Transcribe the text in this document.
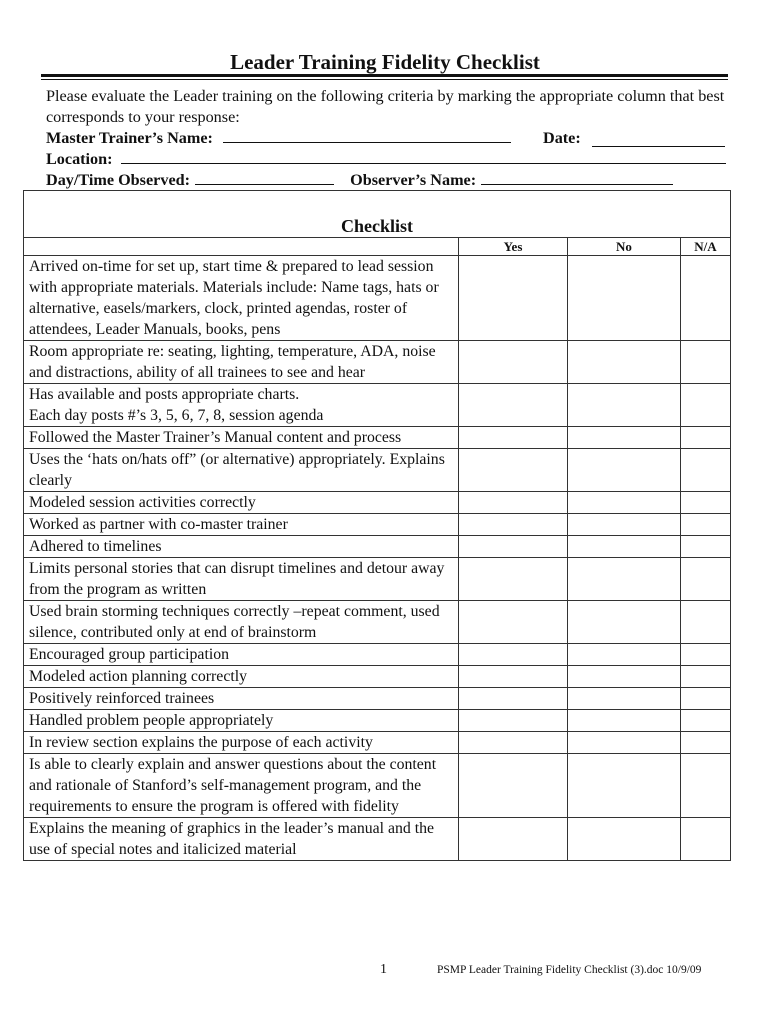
Leader Training Fidelity Checklist
Please evaluate the Leader training on the following criteria by marking the appropriate column that best corresponds to your response:
Master Trainer’s Name:	Date:
Location:
Day/Time Observed:	Observer’s Name:
Checklist			
	Yes	No	N/A
Arrived on-time for set up, start time & prepared to lead session with appropriate materials. Materials include: Name tags, hats or alternative, easels/markers, clock, printed agendas, roster of attendees, Leader Manuals, books, pens			
Room appropriate re: seating, lighting, temperature, ADA, noise and distractions, ability of all trainees to see and hear			
Has available and posts appropriate charts.
Each day posts #’s 3, 5, 6, 7, 8, session agenda			
Followed the Master Trainer’s Manual content and process			
Uses the ‘hats on/hats off” (or alternative) appropriately. Explains clearly			
Modeled session activities correctly			
Worked as partner with co-master trainer			
Adhered to timelines			
Limits personal stories that can disrupt timelines and detour away from the program as written			
Used brain storming techniques correctly –repeat comment, used silence, contributed only at end of brainstorm			
Encouraged group participation			
Modeled action planning correctly			
Positively reinforced trainees			
Handled problem people appropriately			
In review section explains the purpose of each activity			
Is able to clearly explain and answer questions about the content and rationale of Stanford’s self-management program, and the requirements to ensure the program is offered with fidelity			
Explains the meaning of graphics in the leader’s manual and the use of special notes and italicized material			
1	PSMP Leader Training Fidelity Checklist (3).doc 10/9/09
